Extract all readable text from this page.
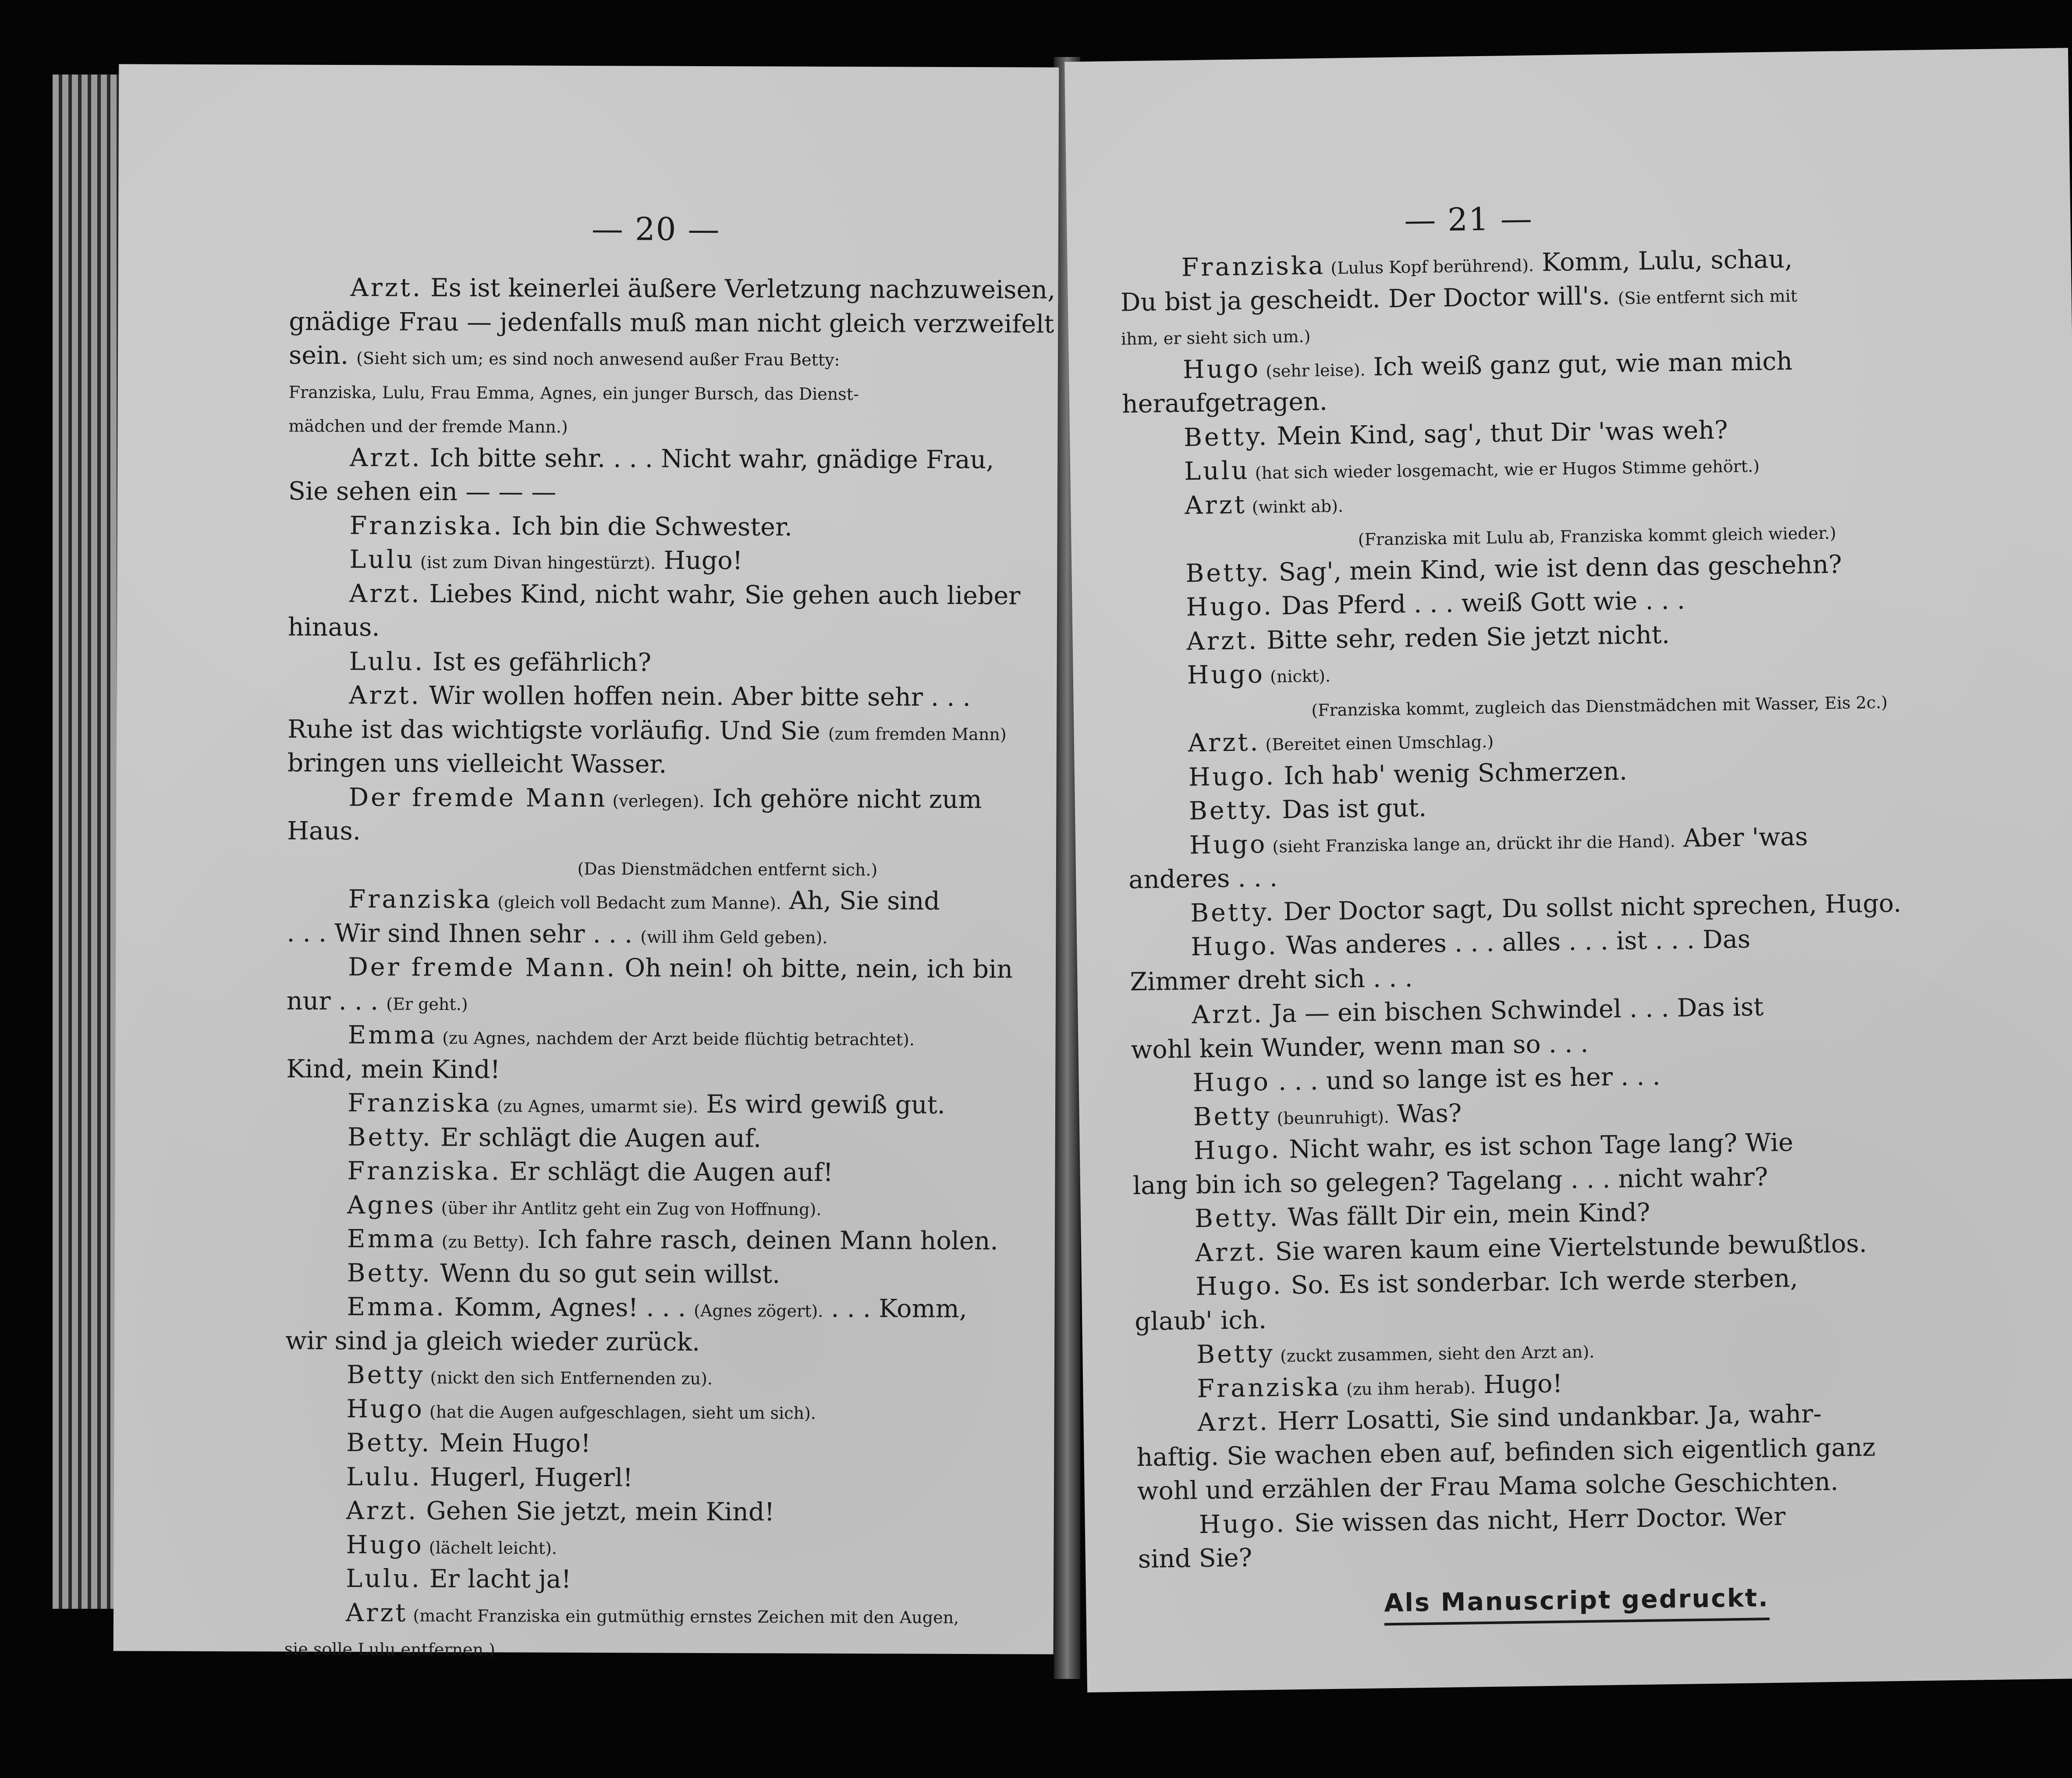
— 20 —
Arzt. Es ist keinerlei äußere Verletzung nachzuweisen,
gnädige Frau — jedenfalls muß man nicht gleich verzweifelt
sein. (Sieht sich um; es sind noch anwesend außer Frau Betty:
Franziska, Lulu, Frau Emma, Agnes, ein junger Bursch, das Dienst-
mädchen und der fremde Mann.)
Arzt. Ich bitte sehr. . . . Nicht wahr, gnädige Frau,
Sie sehen ein — — —
Franziska. Ich bin die Schwester.
Lulu (ist zum Divan hingestürzt). Hugo!
Arzt. Liebes Kind, nicht wahr, Sie gehen auch lieber
hinaus.
Lulu. Ist es gefährlich?
Arzt. Wir wollen hoffen nein. Aber bitte sehr . . .
Ruhe ist das wichtigste vorläufig. Und Sie (zum fremden Mann)
bringen uns vielleicht Wasser.
Der fremde Mann (verlegen). Ich gehöre nicht zum
Haus.
(Das Dienstmädchen entfernt sich.)
Franziska (gleich voll Bedacht zum Manne). Ah, Sie sind
. . . Wir sind Ihnen sehr . . . (will ihm Geld geben).
Der fremde Mann. Oh nein! oh bitte, nein, ich bin
nur . . . (Er geht.)
Emma (zu Agnes, nachdem der Arzt beide flüchtig betrachtet).
Kind, mein Kind!
Franziska (zu Agnes, umarmt sie). Es wird gewiß gut.
Betty. Er schlägt die Augen auf.
Franziska. Er schlägt die Augen auf!
Agnes (über ihr Antlitz geht ein Zug von Hoffnung).
Emma (zu Betty). Ich fahre rasch, deinen Mann holen.
Betty. Wenn du so gut sein willst.
Emma. Komm, Agnes! . . . (Agnes zögert). . . . Komm,
wir sind ja gleich wieder zurück.
Betty (nickt den sich Entfernenden zu).
Hugo (hat die Augen aufgeschlagen, sieht um sich).
Betty. Mein Hugo!
Lulu. Hugerl, Hugerl!
Arzt. Gehen Sie jetzt, mein Kind!
Hugo (lächelt leicht).
Lulu. Er lacht ja!
Arzt (macht Franziska ein gutmüthig ernstes Zeichen mit den Augen,
sie solle Lulu entfernen.)
— 21 —
Franziska (Lulus Kopf berührend). Komm, Lulu, schau,
Du bist ja gescheidt. Der Doctor will's. (Sie entfernt sich mit
ihm, er sieht sich um.)
Hugo (sehr leise). Ich weiß ganz gut, wie man mich
heraufgetragen.
Betty. Mein Kind, sag', thut Dir 'was weh?
Lulu (hat sich wieder losgemacht, wie er Hugos Stimme gehört.)
Arzt (winkt ab).
(Franziska mit Lulu ab, Franziska kommt gleich wieder.)
Betty. Sag', mein Kind, wie ist denn das geschehn?
Hugo. Das Pferd . . . weiß Gott wie . . .
Arzt. Bitte sehr, reden Sie jetzt nicht.
Hugo (nickt).
(Franziska kommt, zugleich das Dienstmädchen mit Wasser, Eis 2c.)
Arzt. (Bereitet einen Umschlag.)
Hugo. Ich hab' wenig Schmerzen.
Betty. Das ist gut.
Hugo (sieht Franziska lange an, drückt ihr die Hand). Aber 'was
anderes . . .
Betty. Der Doctor sagt, Du sollst nicht sprechen, Hugo.
Hugo. Was anderes . . . alles . . . ist . . . Das
Zimmer dreht sich . . .
Arzt. Ja — ein bischen Schwindel . . . Das ist
wohl kein Wunder, wenn man so . . .
Hugo . . . und so lange ist es her . . .
Betty (beunruhigt). Was?
Hugo. Nicht wahr, es ist schon Tage lang? Wie
lang bin ich so gelegen? Tagelang . . . nicht wahr?
Betty. Was fällt Dir ein, mein Kind?
Arzt. Sie waren kaum eine Viertelstunde bewußtlos.
Hugo. So. Es ist sonderbar. Ich werde sterben,
glaub' ich.
Betty (zuckt zusammen, sieht den Arzt an).
Franziska (zu ihm herab). Hugo!
Arzt. Herr Losatti, Sie sind undankbar. Ja, wahr-
haftig. Sie wachen eben auf, befinden sich eigentlich ganz
wohl und erzählen der Frau Mama solche Geschichten.
Hugo. Sie wissen das nicht, Herr Doctor. Wer
sind Sie?
Als Manuscript gedruckt.
